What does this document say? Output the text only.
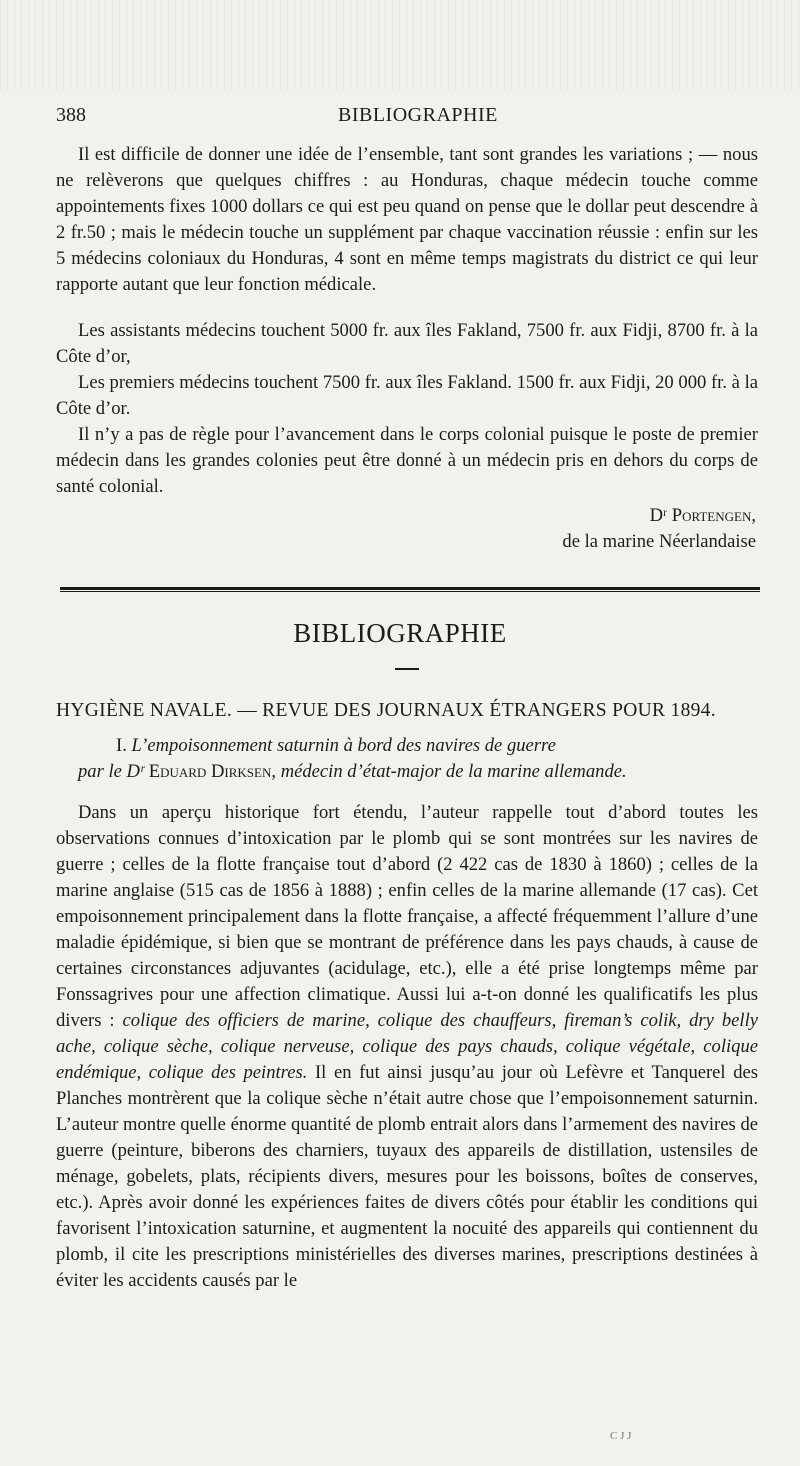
388	BIBLIOGRAPHIE

Il est difficile de donner une idée de l’ensemble, tant sont grandes les variations ; — nous ne relèverons que quelques chiffres : au Honduras, chaque médecin touche comme appointements fixes 1000 dollars ce qui est peu quand on pense que le dollar peut descendre à 2 fr.50 ; mais le médecin touche un supplément par chaque vaccination réussie : enfin sur les 5 médecins coloniaux du Honduras, 4 sont en même temps magistrats du district ce qui leur rapporte autant que leur fonction médicale.

Les assistants médecins touchent 5000 fr. aux îles Fakland, 7500 fr. aux Fidji, 8700 fr. à la Côte d’or,

Les premiers médecins touchent 7500 fr. aux îles Fakland. 1500 fr. aux Fidji, 20 000 fr. à la Côte d’or.

Il n’y a pas de règle pour l’avancement dans le corps colonial puisque le poste de premier médecin dans les grandes colonies peut être donné à un médecin pris en dehors du corps de santé colonial.

Dʳ Portengen,
de la marine Néerlandaise
BIBLIOGRAPHIE
HYGIÈNE NAVALE. — REVUE DES JOURNAUX ÉTRANGERS POUR 1894.
I. L’empoisonnement saturnin à bord des navires de guerre
par le Dʳ Eduard Dirksen, médecin d’état-major de la marine allemande.

Dans un aperçu historique fort étendu, l’auteur rappelle tout d’abord toutes les observations connues d’intoxication par le plomb qui se sont montrées sur les navires de guerre ; celles de la flotte française tout d’abord (2 422 cas de 1830 à 1860) ; celles de la marine anglaise (515 cas de 1856 à 1888) ; enfin celles de la marine allemande (17 cas). Cet empoisonnement principalement dans la flotte française, a affecté fréquemment l’allure d’une maladie épidémique, si bien que se montrant de préférence dans les pays chauds, à cause de certaines circonstances adjuvantes (acidulage, etc.), elle a été prise longtemps même par Fonssagrives pour une affection climatique. Aussi lui a-t-on donné les qualificatifs les plus divers : colique des officiers de marine, colique des chauffeurs, fireman’s colik, dry belly ache, colique sèche, colique nerveuse, colique des pays chauds, colique végétale, colique endémique, colique des peintres. Il en fut ainsi jusqu’au jour où Lefèvre et Tanquerel des Planches montrèrent que la colique sèche n’était autre chose que l’empoisonnement saturnin. L’auteur montre quelle énorme quantité de plomb entrait alors dans l’armement des navires de guerre (peinture, biberons des charniers, tuyaux des appareils de distillation, ustensiles de ménage, gobelets, plats, récipients divers, mesures pour les boissons, boîtes de conserves, etc.). Après avoir donné les expériences faites de divers côtés pour établir les conditions qui favorisent l’intoxication saturnine, et augmentent la nocuité des appareils qui contiennent du plomb, il cite les prescriptions ministérielles des diverses marines, prescriptions destinées à éviter les accidents causés par le

C J J
